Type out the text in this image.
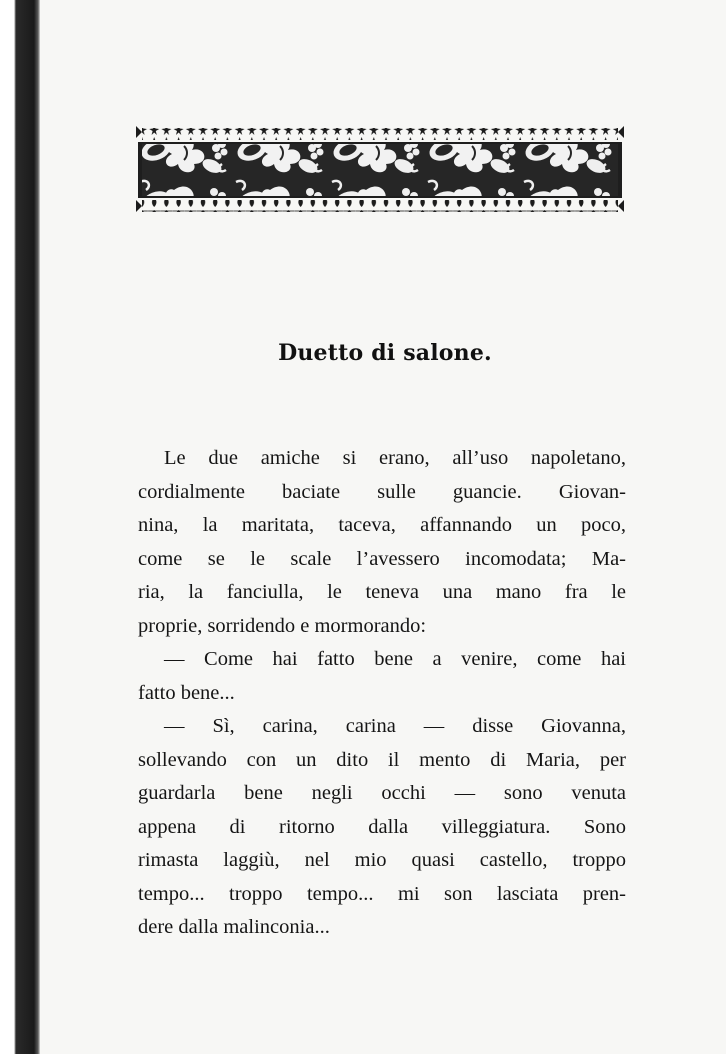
Duetto di salone.
Le due amiche si erano, all’uso napoletano,
cordialmente baciate sulle guancie. Giovan-
nina, la maritata, taceva, affannando un poco,
come se le scale l’avessero incomodata; Ma-
ria, la fanciulla, le teneva una mano fra le
proprie, sorridendo e mormorando:
— Come hai fatto bene a venire, come hai
fatto bene...
— Sì, carina, carina — disse Giovanna,
sollevando con un dito il mento di Maria, per
guardarla bene negli occhi — sono venuta
appena di ritorno dalla villeggiatura. Sono
rimasta laggiù, nel mio quasi castello, troppo
tempo... troppo tempo... mi son lasciata pren-
dere dalla malinconia...
